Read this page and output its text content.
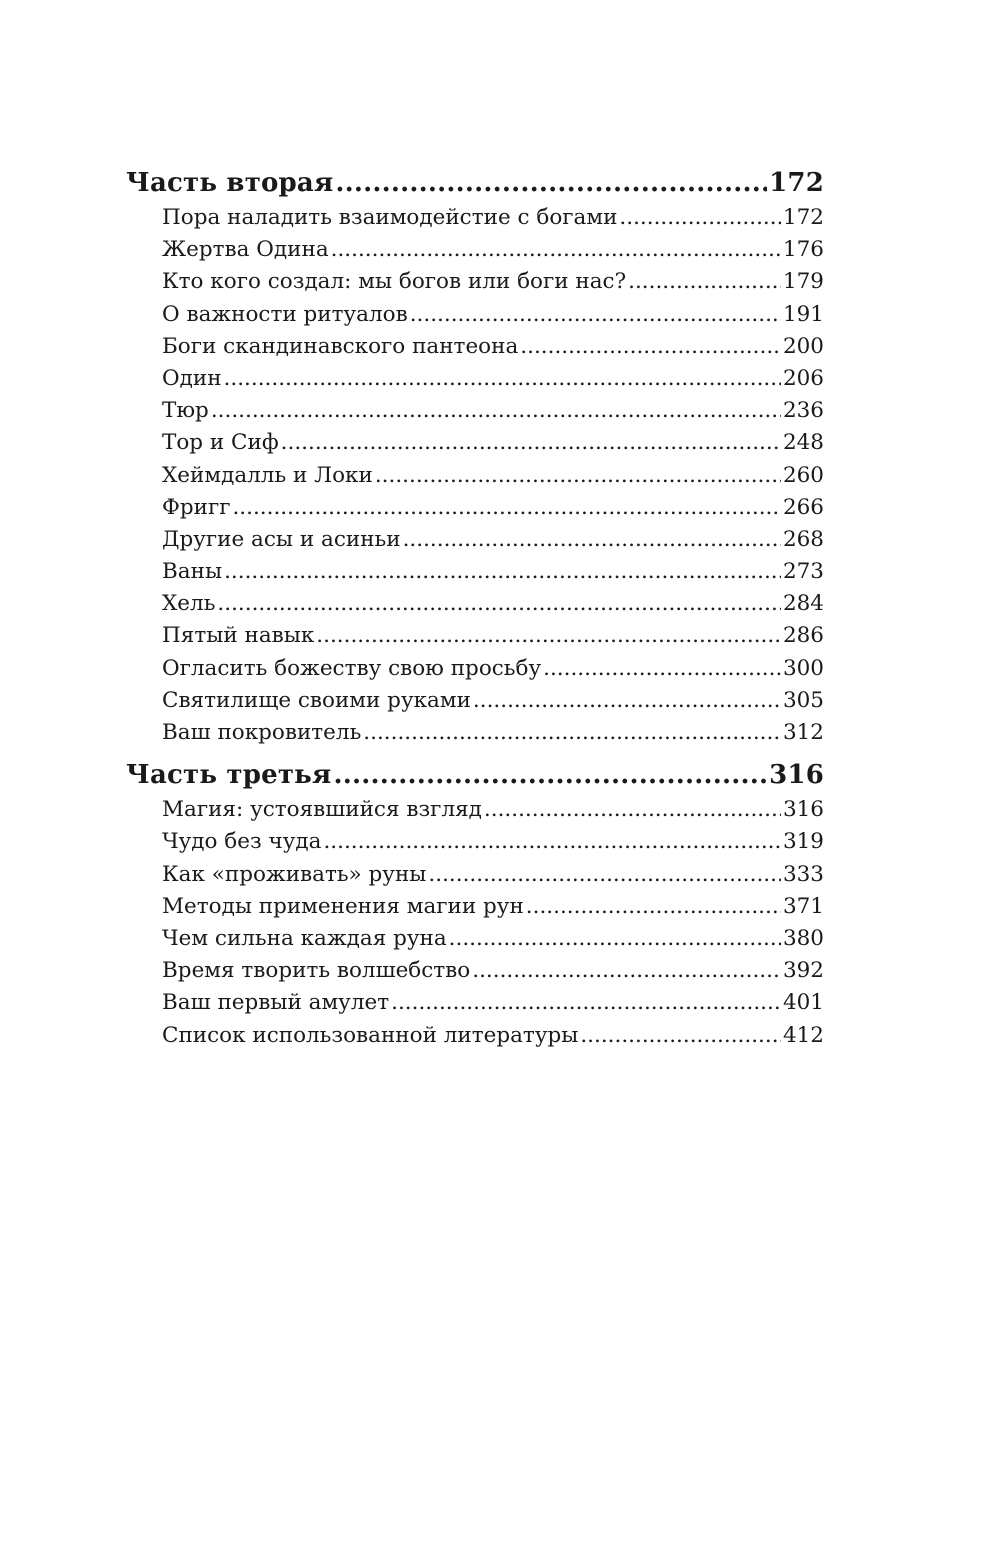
Часть вторая .....	172
Пора наладить взаимодейстие с богами .....	172
Жертва Одина .....	176
Кто кого создал: мы богов или боги нас? .....	179
О важности ритуалов .....	191
Боги скандинавского пантеона .....	200
Один .....	206
Тюр .....	236
Тор и Сиф .....	248
Хеймдалль и Локи .....	260
Фригг .....	266
Другие асы и асиньи .....	268
Ваны .....	273
Хель .....	284
Пятый навык .....	286
Огласить божеству свою просьбу .....	300
Святилище своими руками .....	305
Ваш покровитель .....	312
Часть третья .....	316
Магия: устоявшийся взгляд .....	316
Чудо без чуда .....	319
Как «проживать» руны .....	333
Методы применения магии рун .....	371
Чем сильна каждая руна .....	380
Время творить волшебство .....	392
Ваш первый амулет .....	401
Список использованной литературы .....	412
